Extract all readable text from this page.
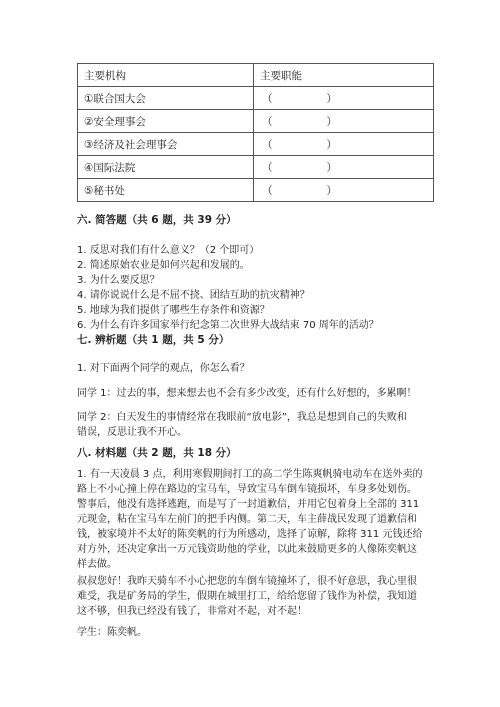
主要机构	主要职能
①联合国大会	（ ）
②安全理事会	（ ）
③经济及社会理事会	（ ）
④国际法院	（ ）
⑤秘书处	（ ）
六. 简答题（共 6 题，共 39 分）
1. 反思对我们有什么意义？（2 个即可）
2. 简述原始农业是如何兴起和发展的。
3. 为什么要反思？
4. 请你说说什么是不屈不挠、团结互助的抗灾精神？
5. 地球为我们提供了哪些生存条件和资源？
6. 为什么有许多国家举行纪念第二次世界大战结束 70 周年的活动？
七. 辨析题（共 1 题，共 5 分）
1. 对下面两个同学的观点，你怎么看？
同学 1：过去的事，想来想去也不会有多少改变，还有什么好想的，多累啊！
同学 2：白天发生的事情经常在我眼前“放电影”，我总是想到自己的失败和
错误，反思让我不开心。
八. 材料题（共 2 题，共 18 分）
1. 有一天凌晨 3 点，利用寒假期间打工的高二学生陈爽帆骑电动车在送外卖的
路上不小心撞上停在路边的宝马车，导致宝马车倒车镜损坏，车身多处划伤。
警事后，他没有选择逃跑，而是写了一封道歉信，并用它包着身上全部的 311
元现金，粘在宝马车左前门的把手内侧。第二天，车主薛战民发现了道歉信和
钱，被家境并不太好的陈奕帆的行为所感动，选择了谅解，除将 311 元钱还给
对方外，还决定拿出一万元钱资助他的学业，以此来鼓励更多的人像陈奕帆这
样去做。
叔叔您好！我昨天骑车不小心把您的车倒车镜撞坏了，很不好意思，我心里很
难受，我是矿务局的学生，假期在城里打工，给给您留了钱作为补偿，我知道
这不够，但我已经没有钱了，非常对不起，对不起！
学生：陈奕帆。
